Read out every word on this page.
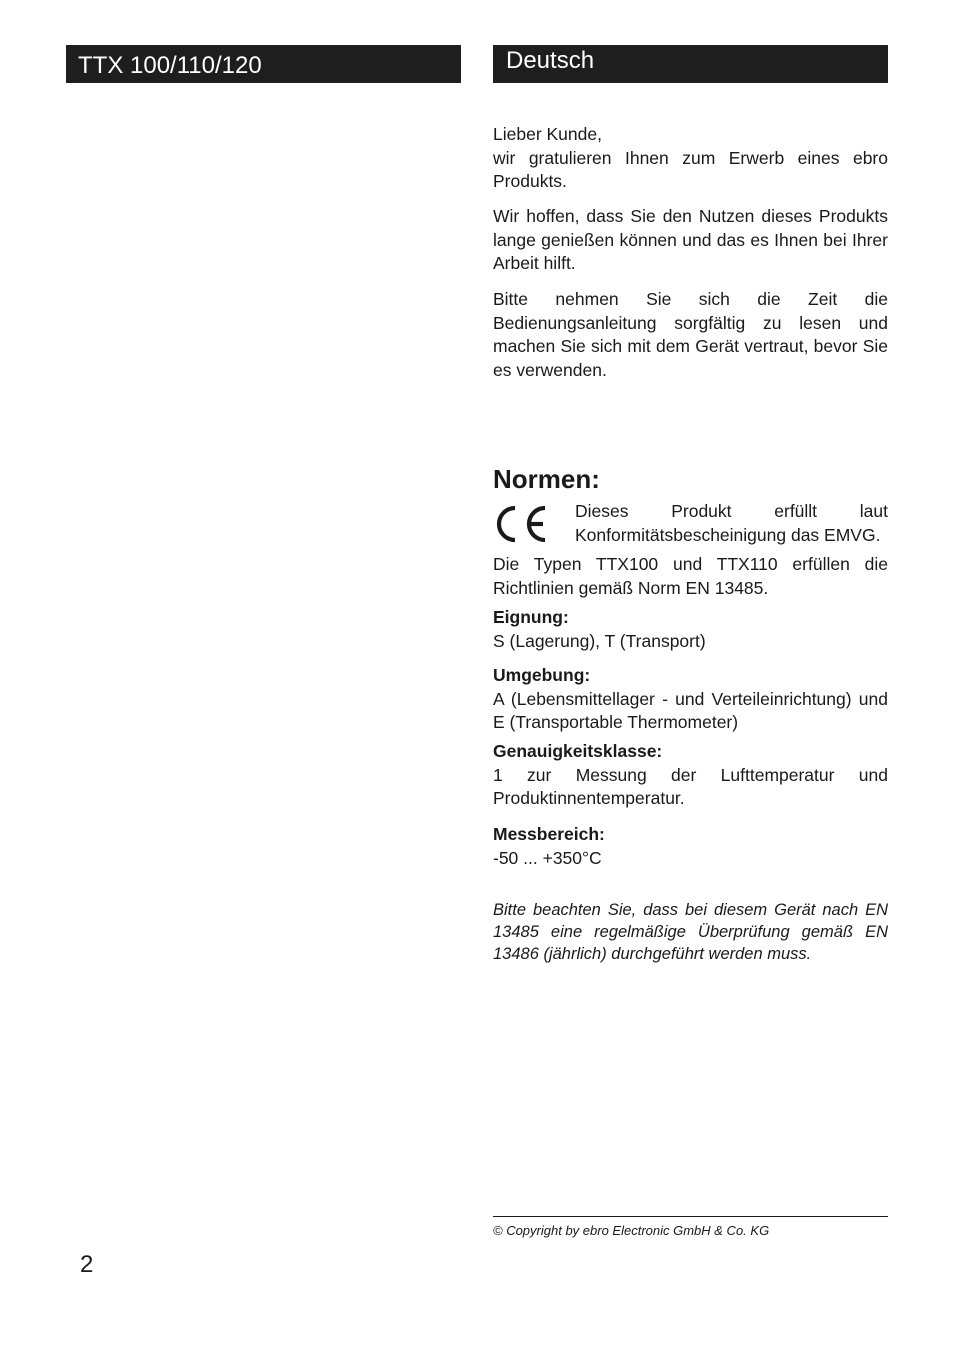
TTX 100/110/120	Deutsch

Lieber Kunde,

wir gratulieren Ihnen zum Erwerb eines ebro Produkts.

Wir hoffen, dass Sie den Nutzen dieses Produkts lange genießen können und das es Ihnen bei Ihrer Arbeit hilft.

Bitte nehmen Sie sich die Zeit die Bedienungsanleitung sorgfältig zu lesen und machen Sie sich mit dem Gerät vertraut, bevor Sie es verwenden.

Normen:

Dieses Produkt erfüllt laut Konformitätsbescheinigung das EMVG.

Die Typen TTX100 und TTX110 erfüllen die Richtlinien gemäß Norm EN 13485.

Eignung:

S (Lagerung), T (Transport)

Umgebung:

A (Lebensmittellager - und Verteileinrichtung) und E (Transportable Thermometer)

Genauigkeitsklasse:

1 zur Messung der Lufttemperatur und Produktinnentemperatur.

Messbereich:

-50 ... +350°C

Bitte beachten Sie, dass bei diesem Gerät nach EN 13485 eine regelmäßige Überprüfung gemäß EN 13486 (jährlich) durchgeführt werden muss.

© Copyright by ebro Electronic GmbH & Co. KG

2
